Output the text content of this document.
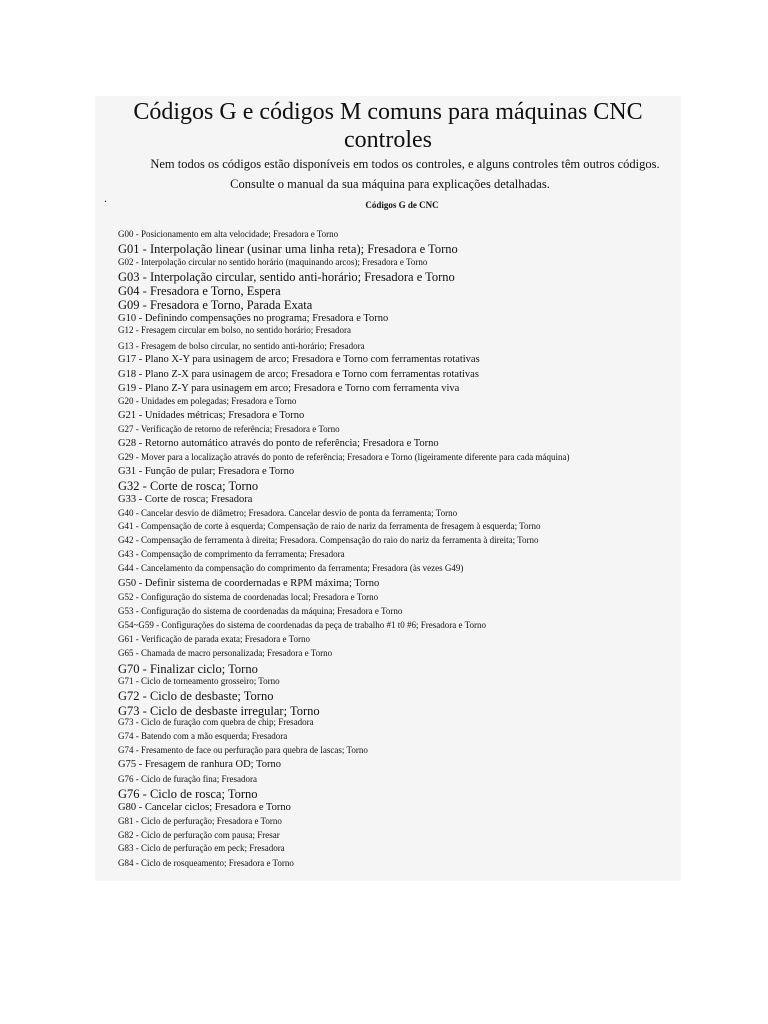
Códigos G e códigos M comuns para máquinas CNC controles
Nem todos os códigos estão disponíveis em todos os controles, e alguns controles têm outros códigos.
Consulte o manual da sua máquina para explicações detalhadas.
.	Códigos G de CNC
G00 - Posicionamento em alta velocidade; Fresadora e Torno
G01 - Interpolação linear (usinar uma linha reta); Fresadora e Torno
G02 - Interpolação circular no sentido horário (maquinando arcos); Fresadora e Torno
G03 - Interpolação circular, sentido anti-horário; Fresadora e Torno
G04 - Fresadora e Torno, Espera
G09 - Fresadora e Torno, Parada Exata
G10 - Definindo compensações no programa; Fresadora e Torno
G12 - Fresagem circular em bolso, no sentido horário; Fresadora
G13 - Fresagem de bolso circular, no sentido anti-horário; Fresadora
G17 - Plano X-Y para usinagem de arco; Fresadora e Torno com ferramentas rotativas
G18 - Plano Z-X para usinagem de arco; Fresadora e Torno com ferramentas rotativas
G19 - Plano Z-Y para usinagem em arco; Fresadora e Torno com ferramenta viva
G20 - Unidades em polegadas; Fresadora e Torno
G21 - Unidades métricas; Fresadora e Torno
G27 - Verificação de retorno de referência; Fresadora e Torno
G28 - Retorno automático através do ponto de referência; Fresadora e Torno
G29 - Mover para a localização através do ponto de referência; Fresadora e Torno (ligeiramente diferente para cada máquina)
G31 - Função de pular; Fresadora e Torno
G32 - Corte de rosca; Torno
G33 - Corte de rosca; Fresadora
G40 - Cancelar desvio de diâmetro; Fresadora. Cancelar desvio de ponta da ferramenta; Torno
G41 - Compensação de corte à esquerda; Compensação de raio de nariz da ferramenta de fresagem à esquerda; Torno
G42 - Compensação de ferramenta à direita; Fresadora. Compensação do raio do nariz da ferramenta à direita; Torno
G43 - Compensação de comprimento da ferramenta; Fresadora
G44 - Cancelamento da compensação do comprimento da ferramenta; Fresadora (às vezes G49)
G50 - Definir sistema de coordernadas e RPM máxima; Torno
G52 - Configuração do sistema de coordenadas local; Fresadora e Torno
G53 - Configuração do sistema de coordenadas da máquina; Fresadora e Torno
G54~G59 - Configurações do sistema de coordenadas da peça de trabalho #1 t0 #6; Fresadora e Torno
G61 - Verificação de parada exata; Fresadora e Torno
G65 - Chamada de macro personalizada; Fresadora e Torno
G70 - Finalizar ciclo; Torno
G71 - Ciclo de torneamento grosseiro; Torno
G72 - Ciclo de desbaste; Torno
G73 - Ciclo de desbaste irregular; Torno
G73 - Ciclo de furação com quebra de chip; Fresadora
G74 - Batendo com a mão esquerda; Fresadora
G74 - Fresamento de face ou perfuração para quebra de lascas; Torno
G75 - Fresagem de ranhura OD; Torno
G76 - Ciclo de furação fina; Fresadora
G76 - Ciclo de rosca; Torno
G80 - Cancelar ciclos; Fresadora e Torno
G81 - Ciclo de perfuração; Fresadora e Torno
G82 - Ciclo de perfuração com pausa; Fresar
G83 - Ciclo de perfuração em peck; Fresadora
G84 - Ciclo de rosqueamento; Fresadora e Torno
